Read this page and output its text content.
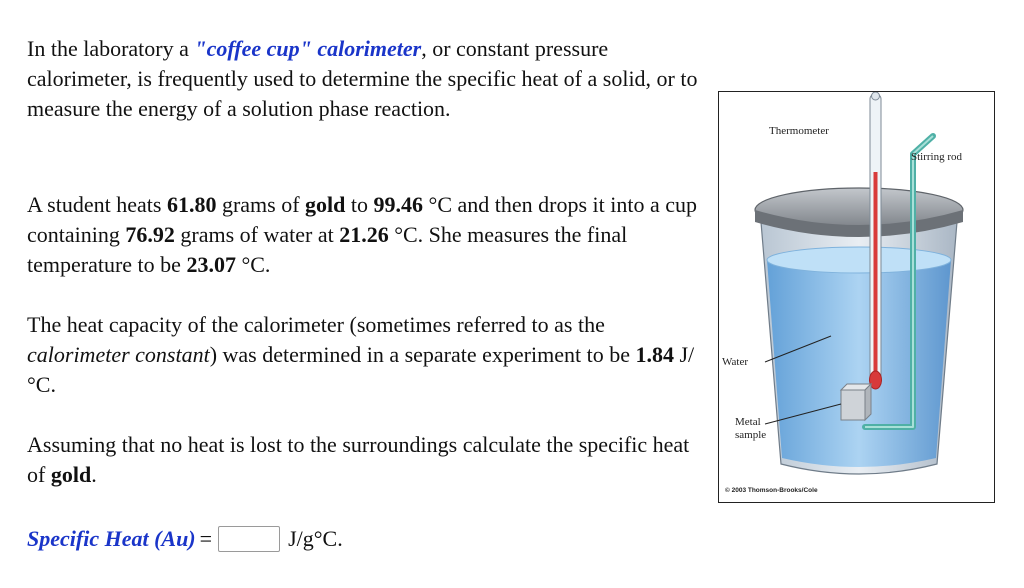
In the laboratory a "coffee cup" calorimeter, or constant pressure calorimeter, is frequently used to determine the specific heat of a solid, or to measure the energy of a solution phase reaction.

A student heats 61.80 grams of gold to 99.46 °C and then drops it into a cup containing 76.92 grams of water at 21.26 °C. She measures the final temperature to be 23.07 °C.

The heat capacity of the calorimeter (sometimes referred to as the calorimeter constant) was determined in a separate experiment to be 1.84 J/°C.

Assuming that no heat is lost to the surroundings calculate the specific heat of gold.

Specific Heat (Au) =	J/g°C.
Thermometer
Stirring rod
Water
Metal
sample
© 2003 Thomson-Brooks/Cole
